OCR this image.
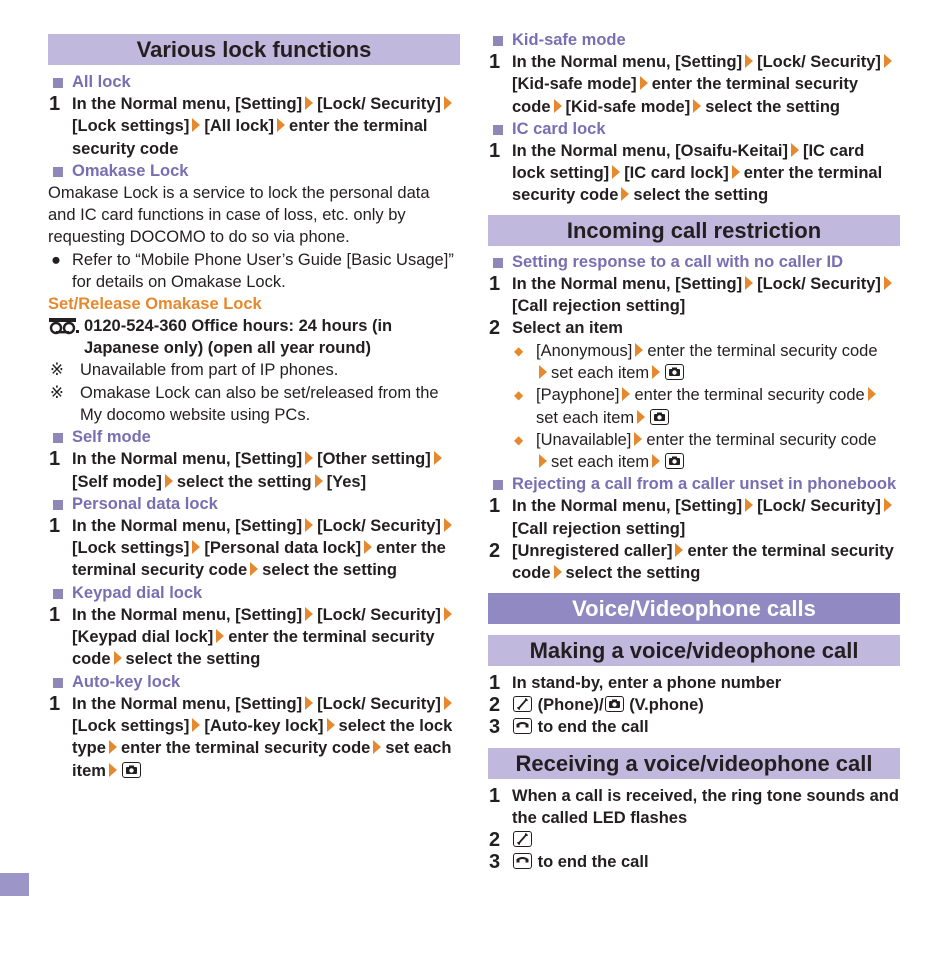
Various lock functions
All lock
1 In the Normal menu, [Setting] [Lock/ Security][Lock settings] [All lock] enter the terminal security code
Omakase Lock
Omakase Lock is a service to lock the personal data and IC card functions in case of loss, etc. only by requesting DOCOMO to do so via phone.
● Refer to “Mobile Phone User’s Guide [Basic Usage]” for details on Omakase Lock.
Set/Release Omakase Lock
0120-524-360 Office hours: 24 hours (in Japanese only) (open all year round)
※ Unavailable from part of IP phones.
※ Omakase Lock can also be set/released from the My docomo website using PCs.
Self mode
1 In the Normal menu, [Setting] [Other setting][Self mode] select the setting [Yes]
Personal data lock
1 In the Normal menu, [Setting] [Lock/ Security][Lock settings] [Personal data lock] enter the terminal security code select the setting
Keypad dial lock
1 In the Normal menu, [Setting] [Lock/ Security][Keypad dial lock] enter the terminal security code select the setting
Auto-key lock
1 In the Normal menu, [Setting] [Lock/ Security][Lock settings] [Auto-key lock] select the lock type enter the terminal security code set each item
Kid-safe mode
1 In the Normal menu, [Setting] [Lock/ Security][Kid-safe mode] enter the terminal security code [Kid-safe mode] select the setting
IC card lock
1 In the Normal menu, [Osaifu-Keitai] [IC card lock setting] [IC card lock] enter the terminal security code select the setting
Incoming call restriction
Setting response to a call with no caller ID
1 In the Normal menu, [Setting] [Lock/ Security][Call rejection setting]
2 Select an item
◆ [Anonymous] enter the terminal security code
set each item
◆ [Payphone] enter the terminal security code
set each item
◆ [Unavailable] enter the terminal security code
set each item
Rejecting a call from a caller unset in phonebook
1 In the Normal menu, [Setting] [Lock/ Security][Call rejection setting]
2 [Unregistered caller] enter the terminal security code select the setting
Voice/Videophone calls
Making a voice/videophone call
1 In stand-by, enter a phone number
2 (Phone)/ (V.phone)
3 to end the call
Receiving a voice/videophone call
1 When a call is received, the ring tone sounds and the called LED flashes
2
3 to end the call
